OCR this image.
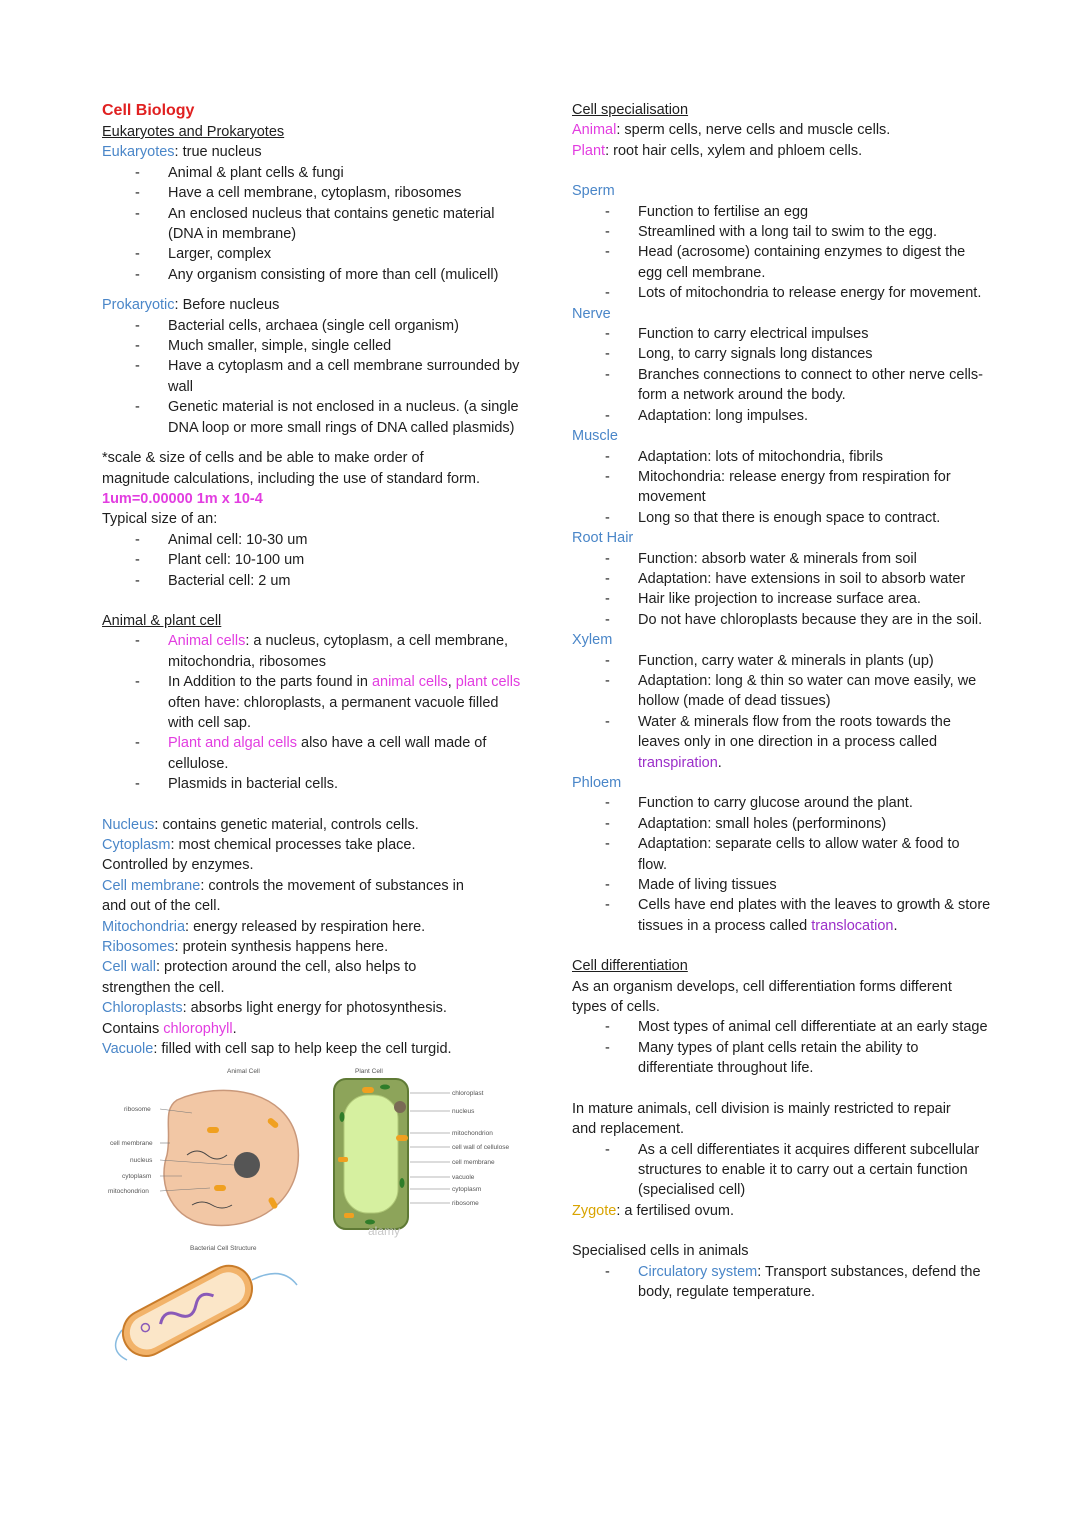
Cell Biology

Eukaryotes and Prokaryotes

Eukaryotes: true nucleus

- Animal & plant cells & fungi
- Have a cell membrane, cytoplasm, ribosomes
- An enclosed nucleus that contains genetic material (DNA in membrane)
- Larger, complex
- Any organism consisting of more than cell (mulicell)

Prokaryotic: Before nucleus

- Bacterial cells, archaea (single cell organism)
- Much smaller, simple, single celled
- Have a cytoplasm and a cell membrane surrounded by wall
- Genetic material is not enclosed in a nucleus. (a single DNA loop or more small rings of DNA called plasmids)

*scale & size of cells and be able to make order of

magnitude calculations, including the use of standard form.

1um=0.00000 1m x 10-4

Typical size of an:

- Animal cell: 10-30 um
- Plant cell: 10-100 um
- Bacterial cell: 2 um

Animal & plant cell

- Animal cells: a nucleus, cytoplasm, a cell membrane, mitochondria, ribosomes
- In Addition to the parts found in animal cells, plant cells often have: chloroplasts, a permanent vacuole filled with cell sap.
- Plant and algal cells also have a cell wall made of cellulose.
- Plasmids in bacterial cells.

Nucleus: contains genetic material, controls cells.

Cytoplasm: most chemical processes take place.

Controlled by enzymes.

Cell membrane: controls the movement of substances in

and out of the cell.

Mitochondria: energy released by respiration here.

Ribosomes: protein synthesis happens here.

Cell wall: protection around the cell, also helps to

strengthen the cell.

Chloroplasts: absorbs light energy for photosynthesis.

Contains chlorophyll.

Vacuole: filled with cell sap to help keep the cell turgid.

Animal Cell
ribosome
cell membrane
nucleus
cytoplasm
mitochondrion
Plant Cell
alamy
chloroplast
nucleus
mitochondrion
cell wall of cellulose
cell membrane
vacuole
cytoplasm
ribosome
Bacterial Cell Structure

Cell specialisation

Animal: sperm cells, nerve cells and muscle cells.

Plant: root hair cells, xylem and phloem cells.

Sperm

- Function to fertilise an egg
- Streamlined with a long tail to swim to the egg.
- Head (acrosome) containing enzymes to digest the egg cell membrane.
- Lots of mitochondria to release energy for movement.

Nerve

- Function to carry electrical impulses
- Long, to carry signals long distances
- Branches connections to connect to other nerve cells- form a network around the body.
- Adaptation: long impulses.

Muscle

- Adaptation: lots of mitochondria, fibrils
- Mitochondria: release energy from respiration for movement
- Long so that there is enough space to contract.

Root Hair

- Function: absorb water & minerals from soil
- Adaptation: have extensions in soil to absorb water
- Hair like projection to increase surface area.
- Do not have chloroplasts because they are in the soil.

Xylem

- Function, carry water & minerals in plants (up)
- Adaptation: long & thin so water can move easily, we hollow (made of dead tissues)
- Water & minerals flow from the roots towards the leaves only in one direction in a process called transpiration.

Phloem

- Function to carry glucose around the plant.
- Adaptation: small holes (performinons)
- Adaptation: separate cells to allow water & food to flow.
- Made of living tissues
- Cells have end plates with the leaves to growth & store tissues in a process called translocation.

Cell differentiation

As an organism develops, cell differentiation forms different

types of cells.

- Most types of animal cell differentiate at an early stage
- Many types of plant cells retain the ability to differentiate throughout life.

In mature animals, cell division is mainly restricted to repair

and replacement.

- As a cell differentiates it acquires different subcellular structures to enable it to carry out a certain function (specialised cell)

Zygote: a fertilised ovum.

Specialised cells in animals

- Circulatory system: Transport substances, defend the body, regulate temperature.
